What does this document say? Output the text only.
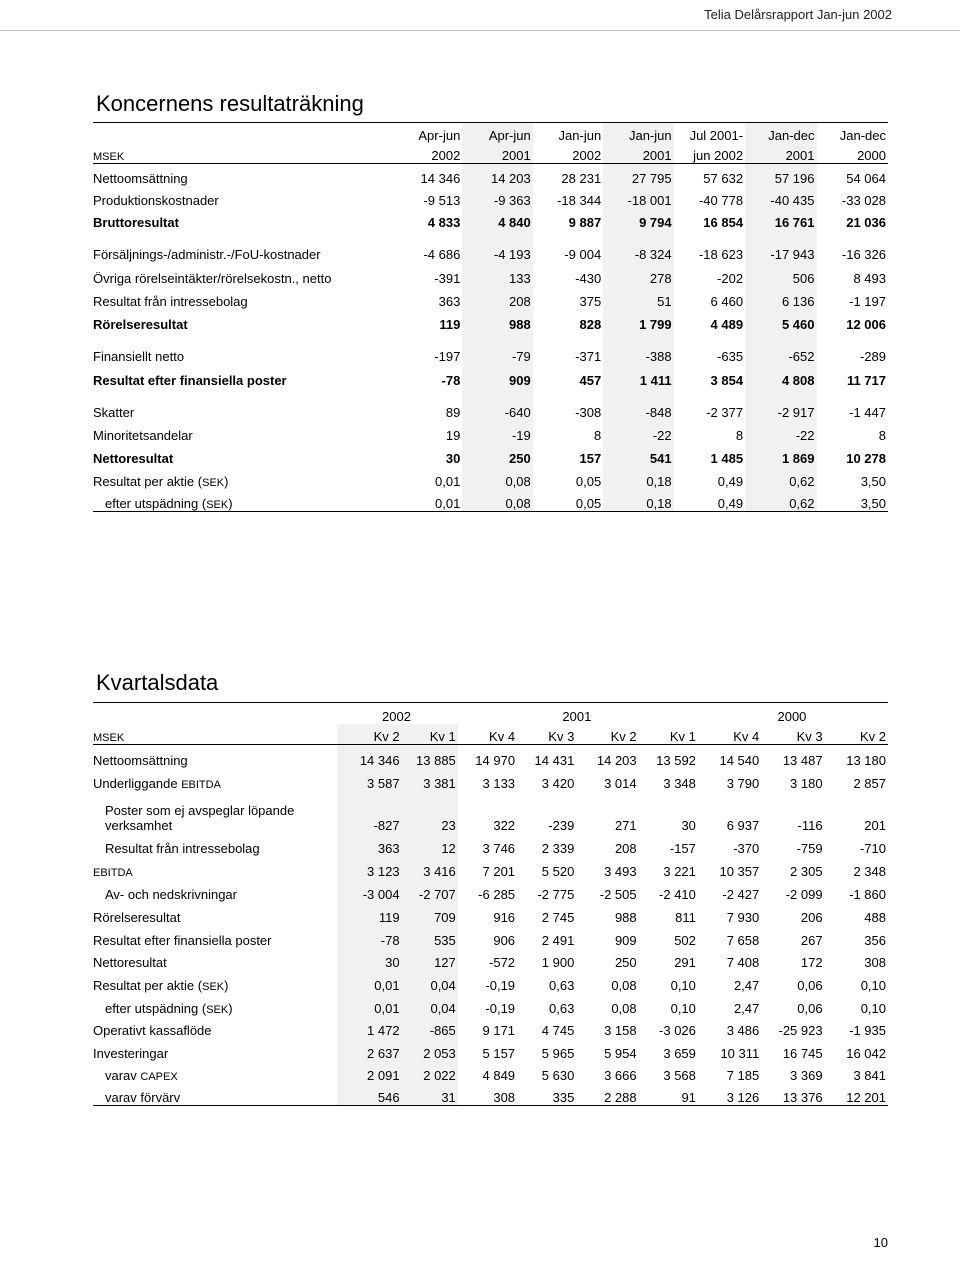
Telia Delårsrapport Jan-jun 2002
Koncernens resultaträkning
	Apr-jun	Apr-jun	Jan-jun	Jan-jun	Jul 2001-	Jan-dec	Jan-dec
MSEK	2002	2001	2002	2001	jun 2002	2001	2000
Nettoomsättning	14 346	14 203	28 231	27 795	57 632	57 196	54 064
Produktionskostnader	-9 513	-9 363	-18 344	-18 001	-40 778	-40 435	-33 028
Bruttoresultat	4 833	4 840	9 887	9 794	16 854	16 761	21 036
Försäljnings-/administr.-/FoU-kostnader	-4 686	-4 193	-9 004	-8 324	-18 623	-17 943	-16 326
Övriga rörelseintäkter/rörelsekostn., netto	-391	133	-430	278	-202	506	8 493
Resultat från intressebolag	363	208	375	51	6 460	6 136	-1 197
Rörelseresultat	119	988	828	1 799	4 489	5 460	12 006
Finansiellt netto	-197	-79	-371	-388	-635	-652	-289
Resultat efter finansiella poster	-78	909	457	1 411	3 854	4 808	11 717
Skatter	89	-640	-308	-848	-2 377	-2 917	-1 447
Minoritetsandelar	19	-19	8	-22	8	-22	8
Nettoresultat	30	250	157	541	1 485	1 869	10 278
Resultat per aktie (SEK)	0,01	0,08	0,05	0,18	0,49	0,62	3,50
efter utspädning (SEK)	0,01	0,08	0,05	0,18	0,49	0,62	3,50
Kvartalsdata
	2002		2001				2000		
MSEK	Kv 2	Kv 1	Kv 4	Kv 3	Kv 2	Kv 1	Kv 4	Kv 3	Kv 2
Nettoomsättning	14 346	13 885	14 970	14 431	14 203	13 592	14 540	13 487	13 180
Underliggande EBITDA	3 587	3 381	3 133	3 420	3 014	3 348	3 790	3 180	2 857
Poster som ej avspeglar löpande
verksamhet	-827	23	322	-239	271	30	6 937	-116	201
Resultat från intressebolag	363	12	3 746	2 339	208	-157	-370	-759	-710
EBITDA	3 123	3 416	7 201	5 520	3 493	3 221	10 357	2 305	2 348
Av- och nedskrivningar	-3 004	-2 707	-6 285	-2 775	-2 505	-2 410	-2 427	-2 099	-1 860
Rörelseresultat	119	709	916	2 745	988	811	7 930	206	488
Resultat efter finansiella poster	-78	535	906	2 491	909	502	7 658	267	356
Nettoresultat	30	127	-572	1 900	250	291	7 408	172	308
Resultat per aktie (SEK)	0,01	0,04	-0,19	0,63	0,08	0,10	2,47	0,06	0,10
efter utspädning (SEK)	0,01	0,04	-0,19	0,63	0,08	0,10	2,47	0,06	0,10
Operativt kassaflöde	1 472	-865	9 171	4 745	3 158	-3 026	3 486	-25 923	-1 935
Investeringar	2 637	2 053	5 157	5 965	5 954	3 659	10 311	16 745	16 042
varav CAPEX	2 091	2 022	4 849	5 630	3 666	3 568	7 185	3 369	3 841
varav förvärv	546	31	308	335	2 288	91	3 126	13 376	12 201
10
